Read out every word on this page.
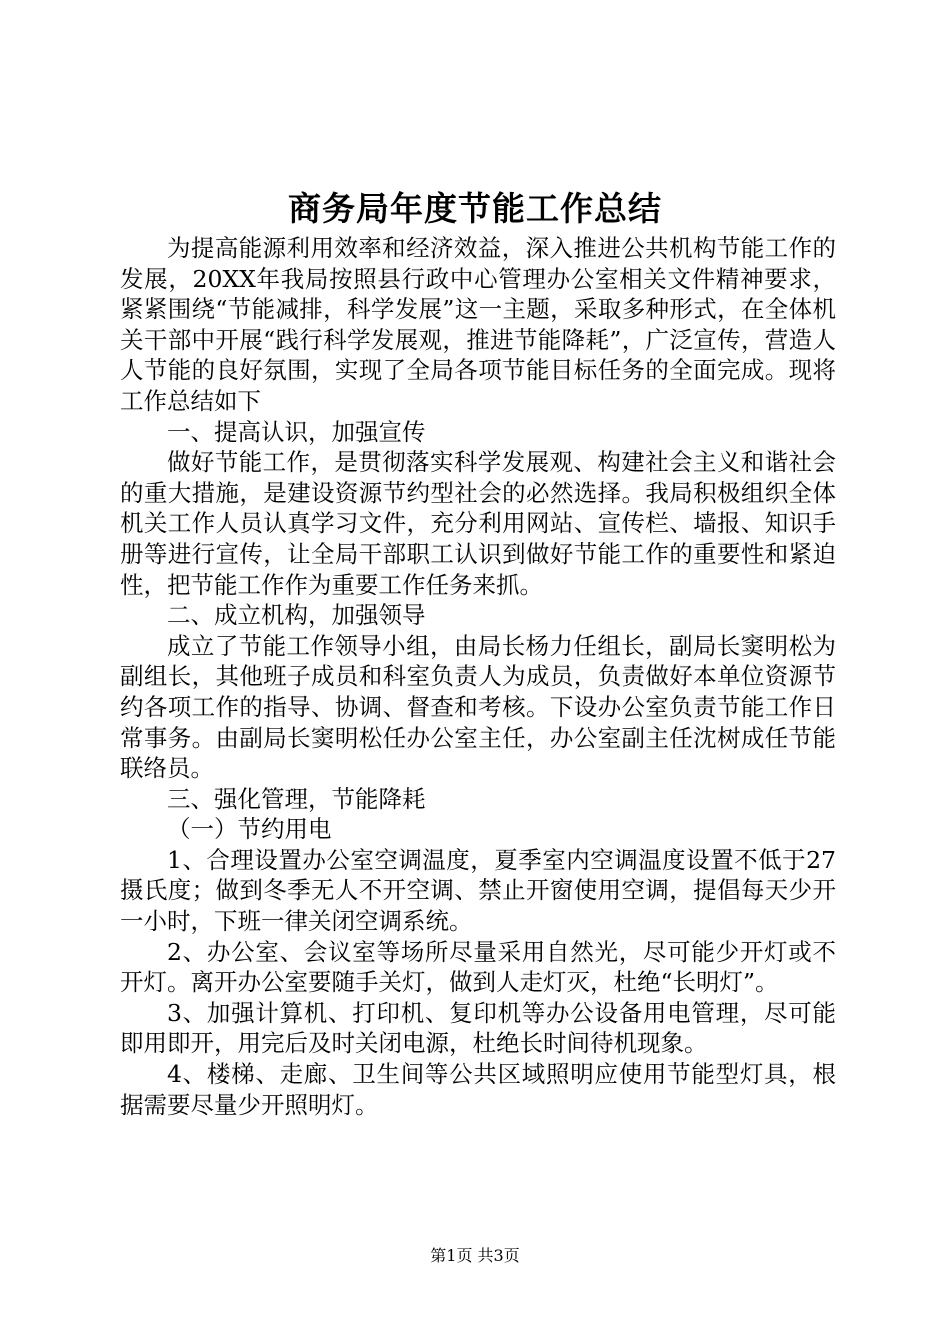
商务局年度节能工作总结

为提高能源利用效率和经济效益，深入推进公共机构节能工作的发展，20XX年我局按照县行政中心管理办公室相关文件精神要求，紧紧围绕“节能减排，科学发展”这一主题，采取多种形式，在全体机关干部中开展“践行科学发展观，推进节能降耗”，广泛宣传，营造人人节能的良好氛围，实现了全局各项节能目标任务的全面完成。现将工作总结如下

一、提高认识，加强宣传

做好节能工作，是贯彻落实科学发展观、构建社会主义和谐社会的重大措施，是建设资源节约型社会的必然选择。我局积极组织全体机关工作人员认真学习文件，充分利用网站、宣传栏、墙报、知识手册等进行宣传，让全局干部职工认识到做好节能工作的重要性和紧迫性，把节能工作作为重要工作任务来抓。

二、成立机构，加强领导

成立了节能工作领导小组，由局长杨力任组长，副局长窦明松为副组长，其他班子成员和科室负责人为成员，负责做好本单位资源节约各项工作的指导、协调、督查和考核。下设办公室负责节能工作日常事务。由副局长窦明松任办公室主任，办公室副主任沈树成任节能联络员。

三、强化管理，节能降耗

（一）节约用电

1、合理设置办公室空调温度，夏季室内空调温度设置不低于27摄氏度；做到冬季无人不开空调、禁止开窗使用空调，提倡每天少开一小时，下班一律关闭空调系统。

2、办公室、会议室等场所尽量采用自然光，尽可能少开灯或不开灯。离开办公室要随手关灯，做到人走灯灭，杜绝“长明灯”。

3、加强计算机、打印机、复印机等办公设备用电管理，尽可能即用即开，用完后及时关闭电源，杜绝长时间待机现象。

4、楼梯、走廊、卫生间等公共区域照明应使用节能型灯具，根据需要尽量少开照明灯。

第1页 共3页
